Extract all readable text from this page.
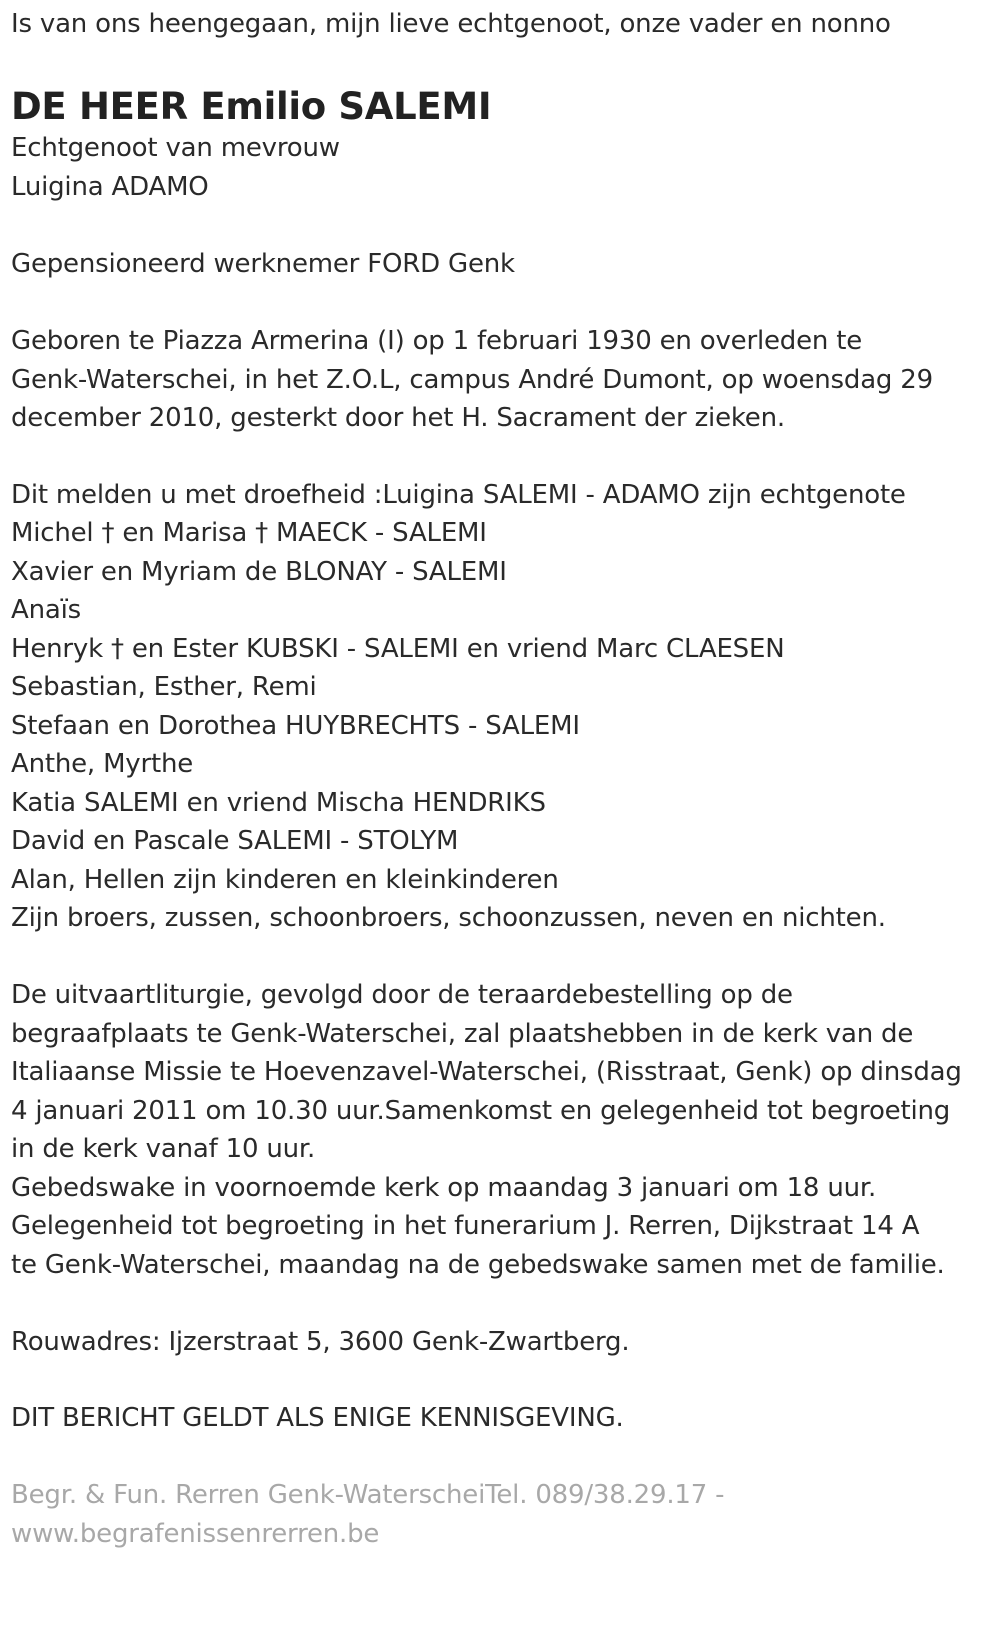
Is van ons heengegaan, mijn lieve echtgenoot, onze vader en nonno
DE HEER Emilio SALEMI
Echtgenoot van mevrouw
Luigina ADAMO
Gepensioneerd werknemer FORD Genk
Geboren te Piazza Armerina (I) op 1 februari 1930 en overleden te
Genk-Waterschei, in het Z.O.L, campus André Dumont, op woensdag 29
december 2010, gesterkt door het H. Sacrament der zieken.
Dit melden u met droefheid :Luigina SALEMI - ADAMO zijn echtgenote
Michel † en Marisa † MAECK - SALEMI
Xavier en Myriam de BLONAY - SALEMI
Anaïs
Henryk † en Ester KUBSKI - SALEMI en vriend Marc CLAESEN
Sebastian, Esther, Remi
Stefaan en Dorothea HUYBRECHTS - SALEMI
Anthe, Myrthe
Katia SALEMI en vriend Mischa HENDRIKS
David en Pascale SALEMI - STOLYM
Alan, Hellen zijn kinderen en kleinkinderen
Zijn broers, zussen, schoonbroers, schoonzussen, neven en nichten.
De uitvaartliturgie, gevolgd door de teraardebestelling op de
begraafplaats te Genk-Waterschei, zal plaatshebben in de kerk van de
Italiaanse Missie te Hoevenzavel-Waterschei, (Risstraat, Genk) op dinsdag
4 januari 2011 om 10.30 uur.Samenkomst en gelegenheid tot begroeting
in de kerk vanaf 10 uur.
Gebedswake in voornoemde kerk op maandag 3 januari om 18 uur.
Gelegenheid tot begroeting in het funerarium J. Rerren, Dijkstraat 14 A
te Genk-Waterschei, maandag na de gebedswake samen met de familie.
Rouwadres: Ijzerstraat 5, 3600 Genk-Zwartberg.
DIT BERICHT GELDT ALS ENIGE KENNISGEVING.
Begr. & Fun. Rerren Genk-WaterscheiTel. 089/38.29.17 -
www.begrafenissenrerren.be
